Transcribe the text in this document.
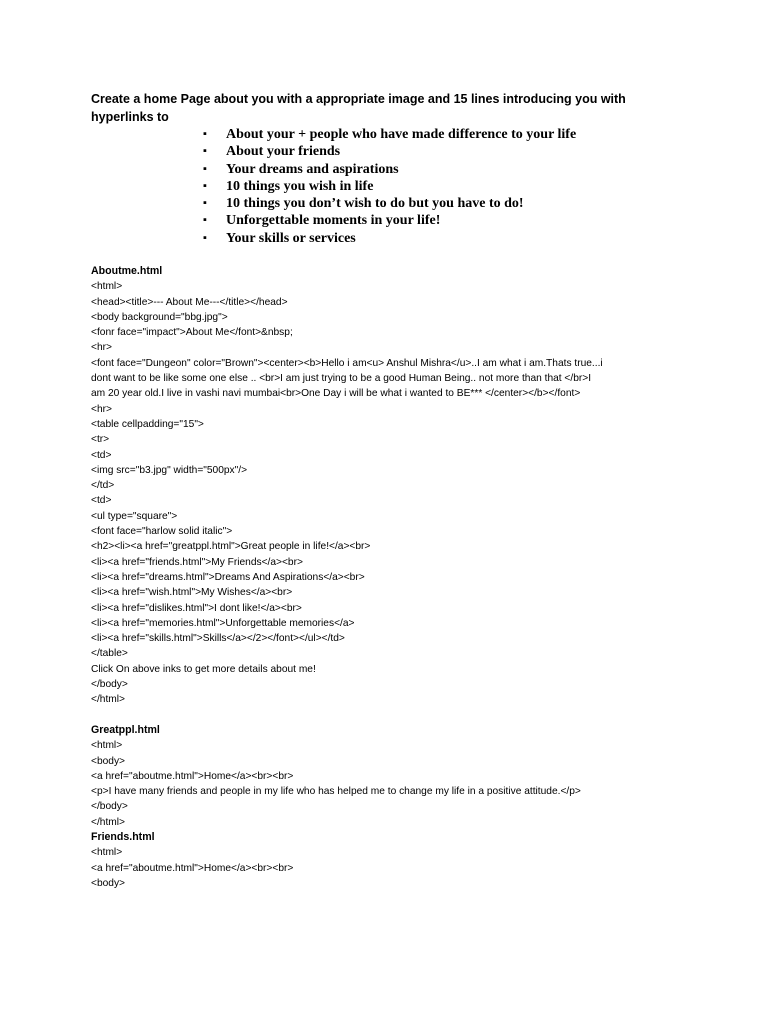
Create a home Page about you with a appropriate image and 15 lines introducing you with
hyperlinks to

▪ About your + people who have made difference to your life
▪ About your friends
▪ Your dreams and aspirations
▪ 10 things you wish in life
▪ 10 things you don’t wish to do but you have to do!
▪ Unforgettable moments in your life!
▪ Your skills or services
Aboutme.html
<html>
<head><title>--- About Me---</title></head>
<body background="bbg.jpg">
<fonr face="impact">About Me</font>&nbsp;
<hr>
<font face="Dungeon" color="Brown"><center><b>Hello i am<u> Anshul Mishra</u>..I am what i am.Thats true...i
dont want to be like some one else .. <br>I am just trying to be a good Human Being.. not more than that </br>I
am 20 year old.I live in vashi navi mumbai<br>One Day i will be what i wanted to BE*** </center></b></font>
<hr>
<table cellpadding="15">
<tr>
<td>
<img src="b3.jpg" width="500px"/>
</td>
<td>
<ul type="square">
<font face="harlow solid italic">
<h2><li><a href="greatppl.html">Great people in life!</a><br>
<li><a href="friends.html">My Friends</a><br>
<li><a href="dreams.html">Dreams And Aspirations</a><br>
<li><a href="wish.html">My Wishes</a><br>
<li><a href="dislikes.html">I dont like!</a><br>
<li><a href="memories.html">Unforgettable memories</a>
<li><a href="skills.html">Skills</a></2></font></ul></td>
</table>
Click On above inks to get more details about me!
</body>
</html>
Greatppl.html
<html>
<body>
<a href="aboutme.html">Home</a><br><br>
<p>I have many friends and people in my life who has helped me to change my life in a positive attitude.</p>
</body>
</html>
Friends.html
<html>
<a href="aboutme.html">Home</a><br><br>
<body>
